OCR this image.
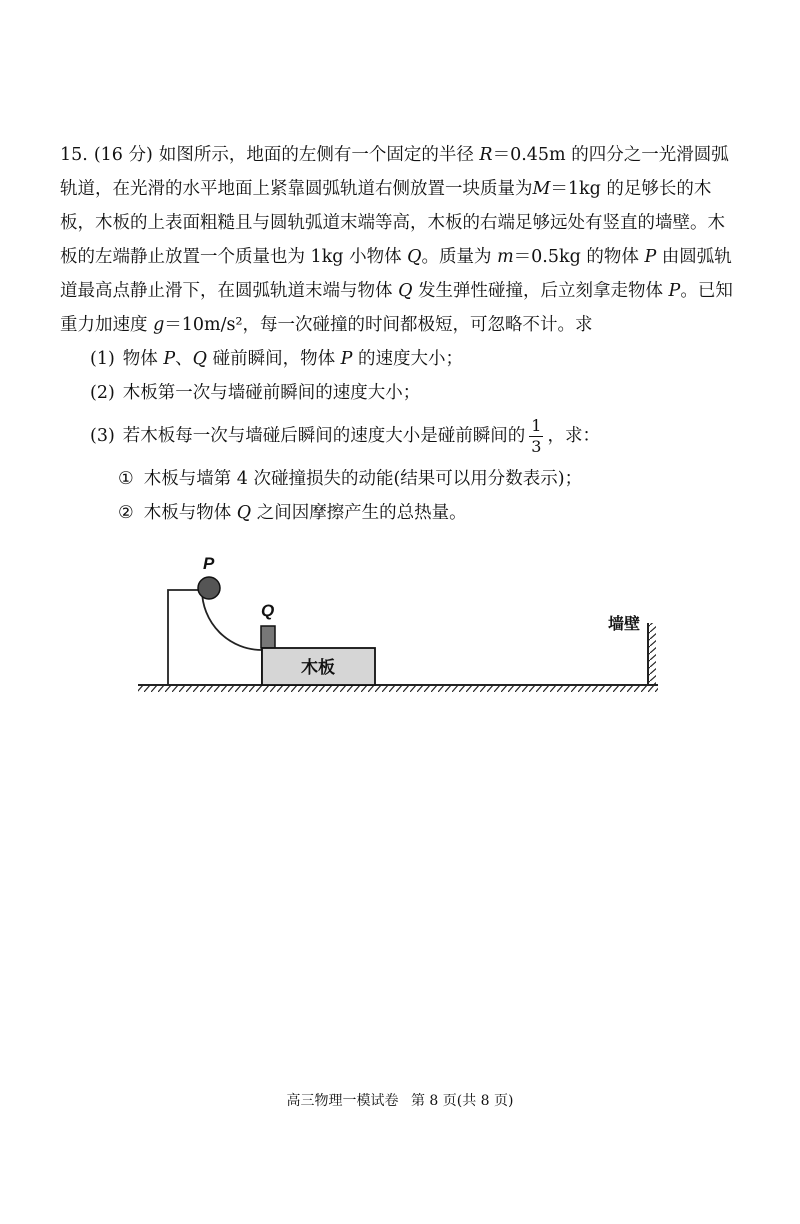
15. (16 分) 如图所示，地面的左侧有一个固定的半径 R＝0.45m 的四分之一光滑圆弧轨道，在光滑的水平地面上紧靠圆弧轨道右侧放置一块质量为M＝1kg 的足够长的木板，木板的上表面粗糙且与圆轨弧道末端等高，木板的右端足够远处有竖直的墙壁。木板的左端静止放置一个质量也为 1kg 小物体 Q。质量为 m＝0.5kg 的物体 P 由圆弧轨道最高点静止滑下，在圆弧轨道末端与物体 Q 发生弹性碰撞，后立刻拿走物体 P。已知重力加速度 g＝10m/s²，每一次碰撞的时间都极短，可忽略不计。求

(1) 物体 P、Q 碰前瞬间，物体 P 的速度大小；
(2) 木板第一次与墙碰前瞬间的速度大小；
(3) 若木板每一次与墙碰后瞬间的速度大小是碰前瞬间的 $\frac{1}{3}$ ，求：
① 木板与墙第 4 次碰撞损失的动能(结果可以用分数表示)；
② 木板与物体 Q 之间因摩擦产生的总热量。
P
Q
木板
墙壁
高三物理一模试卷 第 8 页(共 8 页)
